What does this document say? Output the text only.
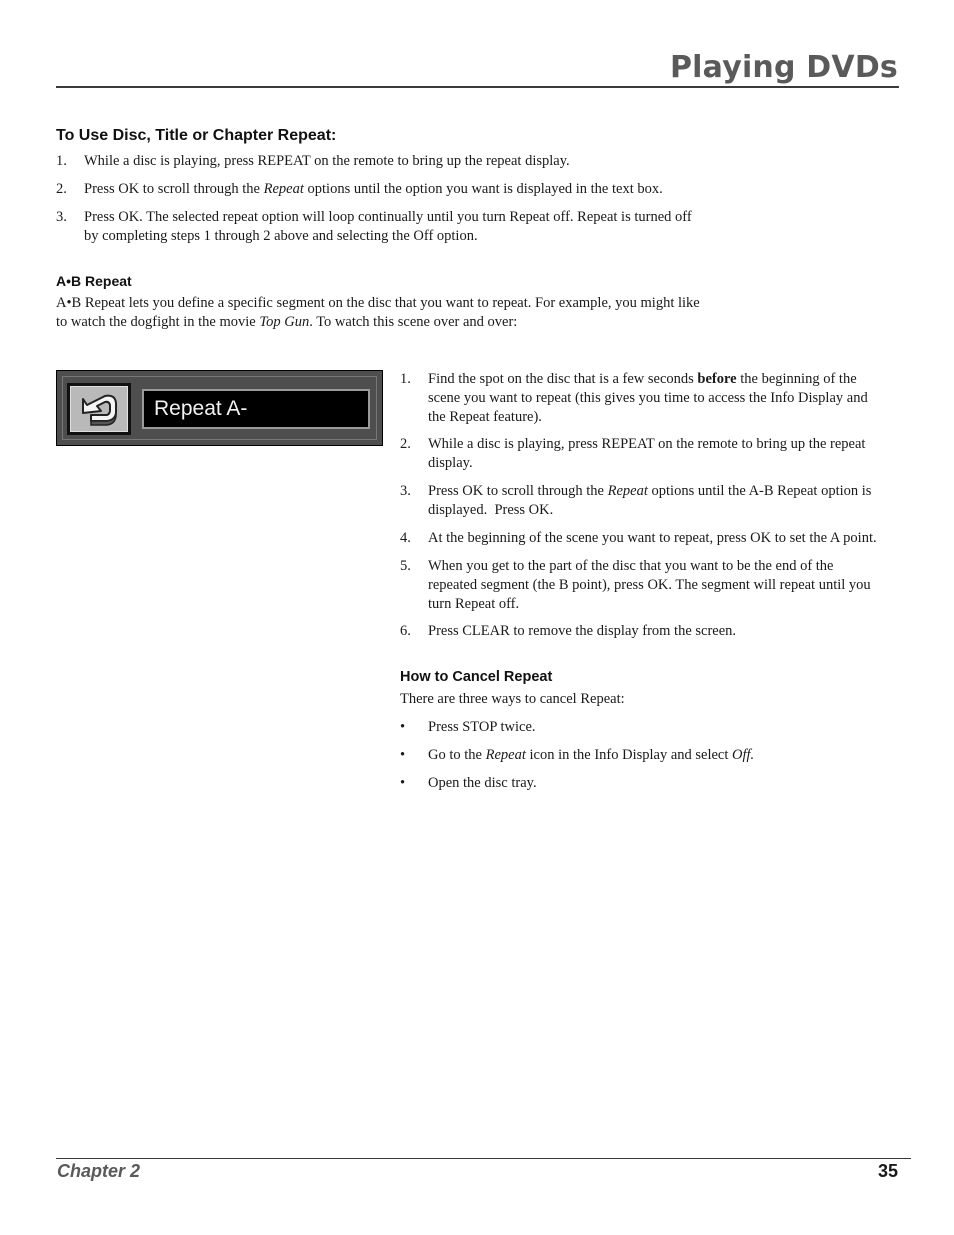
Playing DVDs
To Use Disc, Title or Chapter Repeat:
1. While a disc is playing, press REPEAT on the remote to bring up the repeat display.
2. Press OK to scroll through the Repeat options until the option you want is displayed in the text box.
3. Press OK. The selected repeat option will loop continually until you turn Repeat off. Repeat is turned off
by completing steps 1 through 2 above and selecting the Off option.
A•B Repeat
A•B Repeat lets you define a specific segment on the disc that you want to repeat. For example, you might like
to watch the dogfight in the movie Top Gun. To watch this scene over and over:
Repeat A-
1. Find the spot on the disc that is a few seconds before the beginning of the
scene you want to repeat (this gives you time to access the Info Display and
the Repeat feature).
2. While a disc is playing, press REPEAT on the remote to bring up the repeat
display.
3. Press OK to scroll through the Repeat options until the A-B Repeat option is
displayed.  Press OK.
4. At the beginning of the scene you want to repeat, press OK to set the A point.
5. When you get to the part of the disc that you want to be the end of the
repeated segment (the B point), press OK. The segment will repeat until you
turn Repeat off.
6. Press CLEAR to remove the display from the screen.
How to Cancel Repeat
There are three ways to cancel Repeat:
• Press STOP twice.
• Go to the Repeat icon in the Info Display and select Off.
• Open the disc tray.
Chapter 2	35
